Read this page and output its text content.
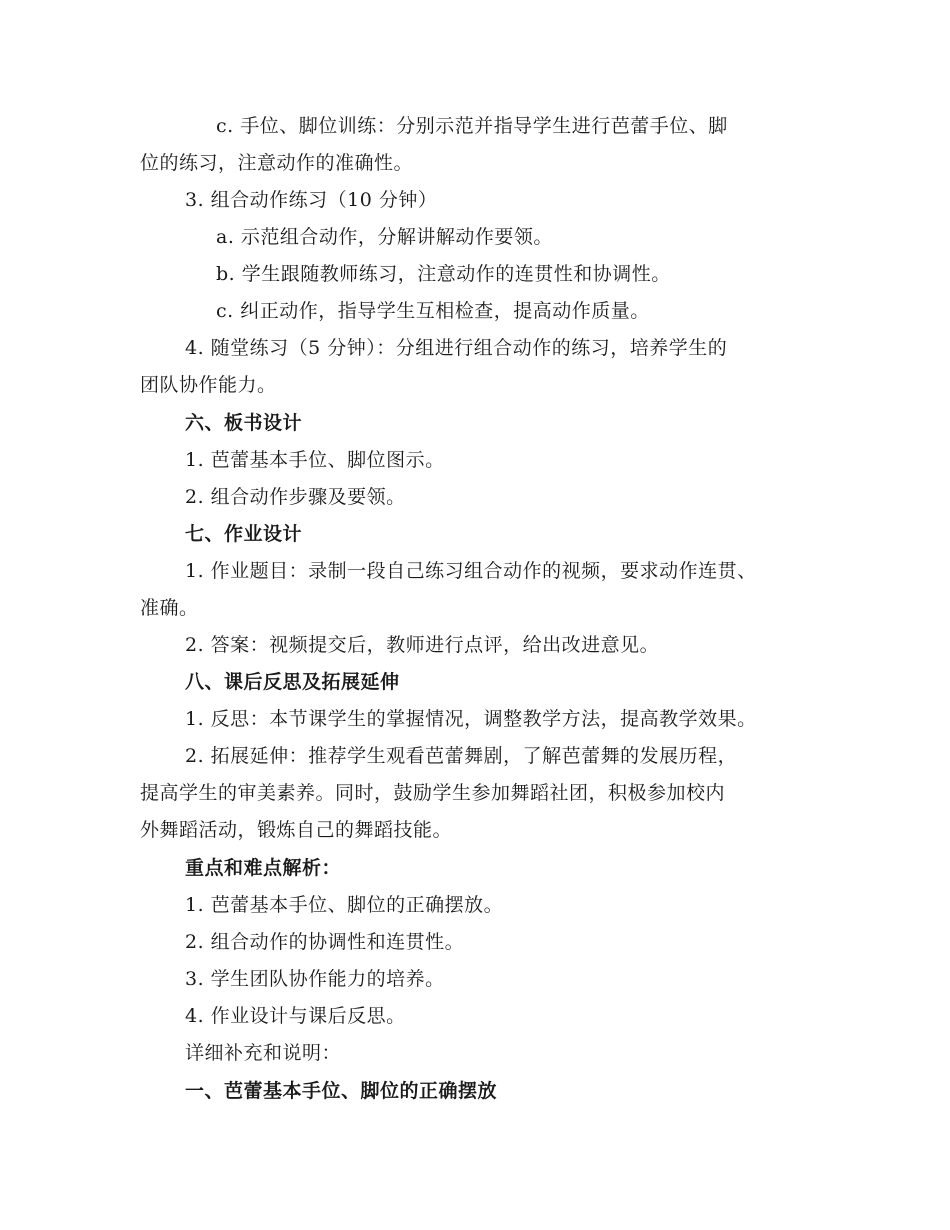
c. 手位、脚位训练：分别示范并指导学生进行芭蕾手位、脚
位的练习，注意动作的准确性。
3. 组合动作练习（10 分钟）
a. 示范组合动作，分解讲解动作要领。
b. 学生跟随教师练习，注意动作的连贯性和协调性。
c. 纠正动作，指导学生互相检查，提高动作质量。
4. 随堂练习（5 分钟）：分组进行组合动作的练习，培养学生的
团队协作能力。
六、板书设计
1. 芭蕾基本手位、脚位图示。
2. 组合动作步骤及要领。
七、作业设计
1. 作业题目：录制一段自己练习组合动作的视频，要求动作连贯、
准确。
2. 答案：视频提交后，教师进行点评，给出改进意见。
八、课后反思及拓展延伸
1. 反思：本节课学生的掌握情况，调整教学方法，提高教学效果。
2. 拓展延伸：推荐学生观看芭蕾舞剧，了解芭蕾舞的发展历程，
提高学生的审美素养。同时，鼓励学生参加舞蹈社团，积极参加校内
外舞蹈活动，锻炼自己的舞蹈技能。
重点和难点解析：
1. 芭蕾基本手位、脚位的正确摆放。
2. 组合动作的协调性和连贯性。
3. 学生团队协作能力的培养。
4. 作业设计与课后反思。
详细补充和说明：
一、芭蕾基本手位、脚位的正确摆放
